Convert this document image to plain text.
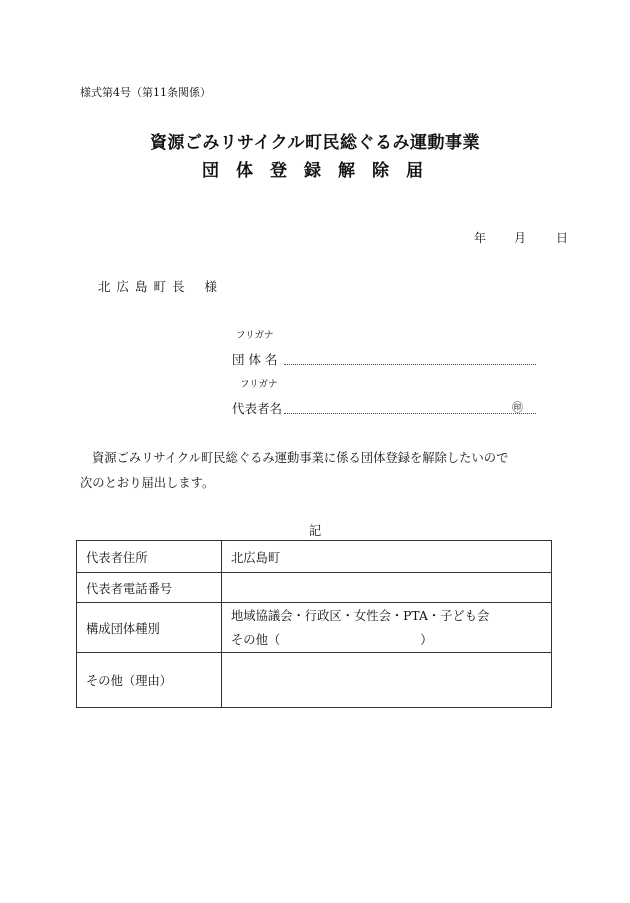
様式第4号（第11条関係）
資源ごみリサイクル町民総ぐるみ運動事業
団体登録解除届
年 月 日
北広島町長 様
フリガナ
団 体 名
フリガナ
代表者名	㊞
資源ごみリサイクル町民総ぐるみ運動事業に係る団体登録を解除したいので
次のとおり届出します。
記
代表者住所	北広島町
代表者電話番号	
構成団体種別	地域協議会・行政区・女性会・PTA・子ども会
その他（ ）

その他（理由）	
